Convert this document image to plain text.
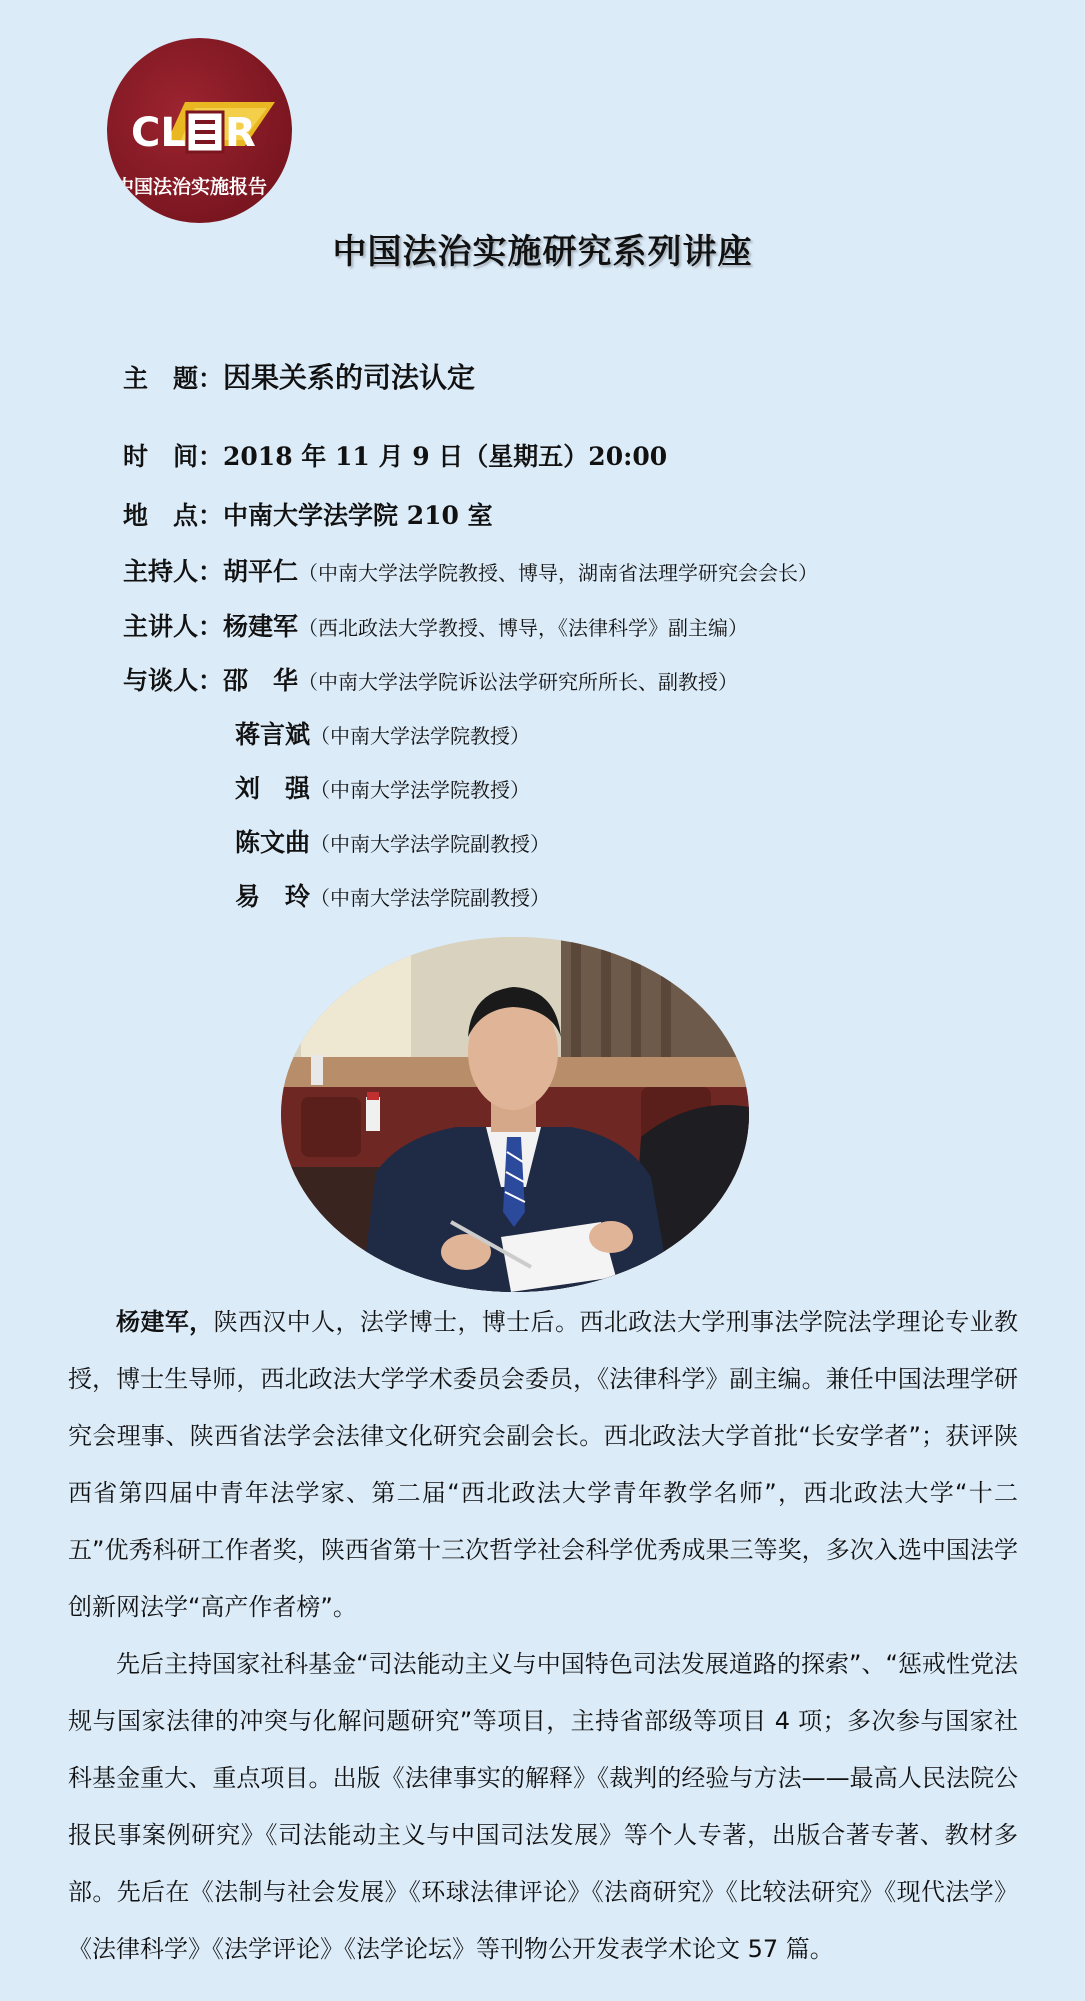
CL R
中国法治实施报告
中国法治实施研究系列讲座
主　题：因果关系的司法认定
时　间：2018 年 11 月 9 日（星期五）20:00
地　点：中南大学法学院 210 室
主持人：胡平仁（中南大学法学院教授、博导，湖南省法理学研究会会长）
主讲人：杨建军（西北政法大学教授、博导，《法律科学》副主编）
与谈人：邵　华（中南大学法学院诉讼法学研究所所长、副教授）
蒋言斌（中南大学法学院教授）
刘　强（中南大学法学院教授）
陈文曲（中南大学法学院副教授）
易　玲（中南大学法学院副教授）

杨建军，陕西汉中人，法学博士，博士后。西北政法大学刑事法学院法学理论专业教授，博士生导师，西北政法大学学术委员会委员，《法律科学》副主编。兼任中国法理学研究会理事、陕西省法学会法律文化研究会副会长。西北政法大学首批“长安学者”；获评陕西省第四届中青年法学家、第二届“西北政法大学青年教学名师”，西北政法大学“十二五”优秀科研工作者奖，陕西省第十三次哲学社会科学优秀成果三等奖，多次入选中国法学创新网法学“高产作者榜”。

先后主持国家社科基金“司法能动主义与中国特色司法发展道路的探索”、“惩戒性党法规与国家法律的冲突与化解问题研究”等项目，主持省部级等项目 4 项；多次参与国家社科基金重大、重点项目。出版《法律事实的解释》《裁判的经验与方法——最高人民法院公报民事案例研究》《司法能动主义与中国司法发展》等个人专著，出版合著专著、教材多部。先后在《法制与社会发展》《环球法律评论》《法商研究》《比较法研究》《现代法学》《法律科学》《法学评论》《法学论坛》等刊物公开发表学术论文 57 篇。
